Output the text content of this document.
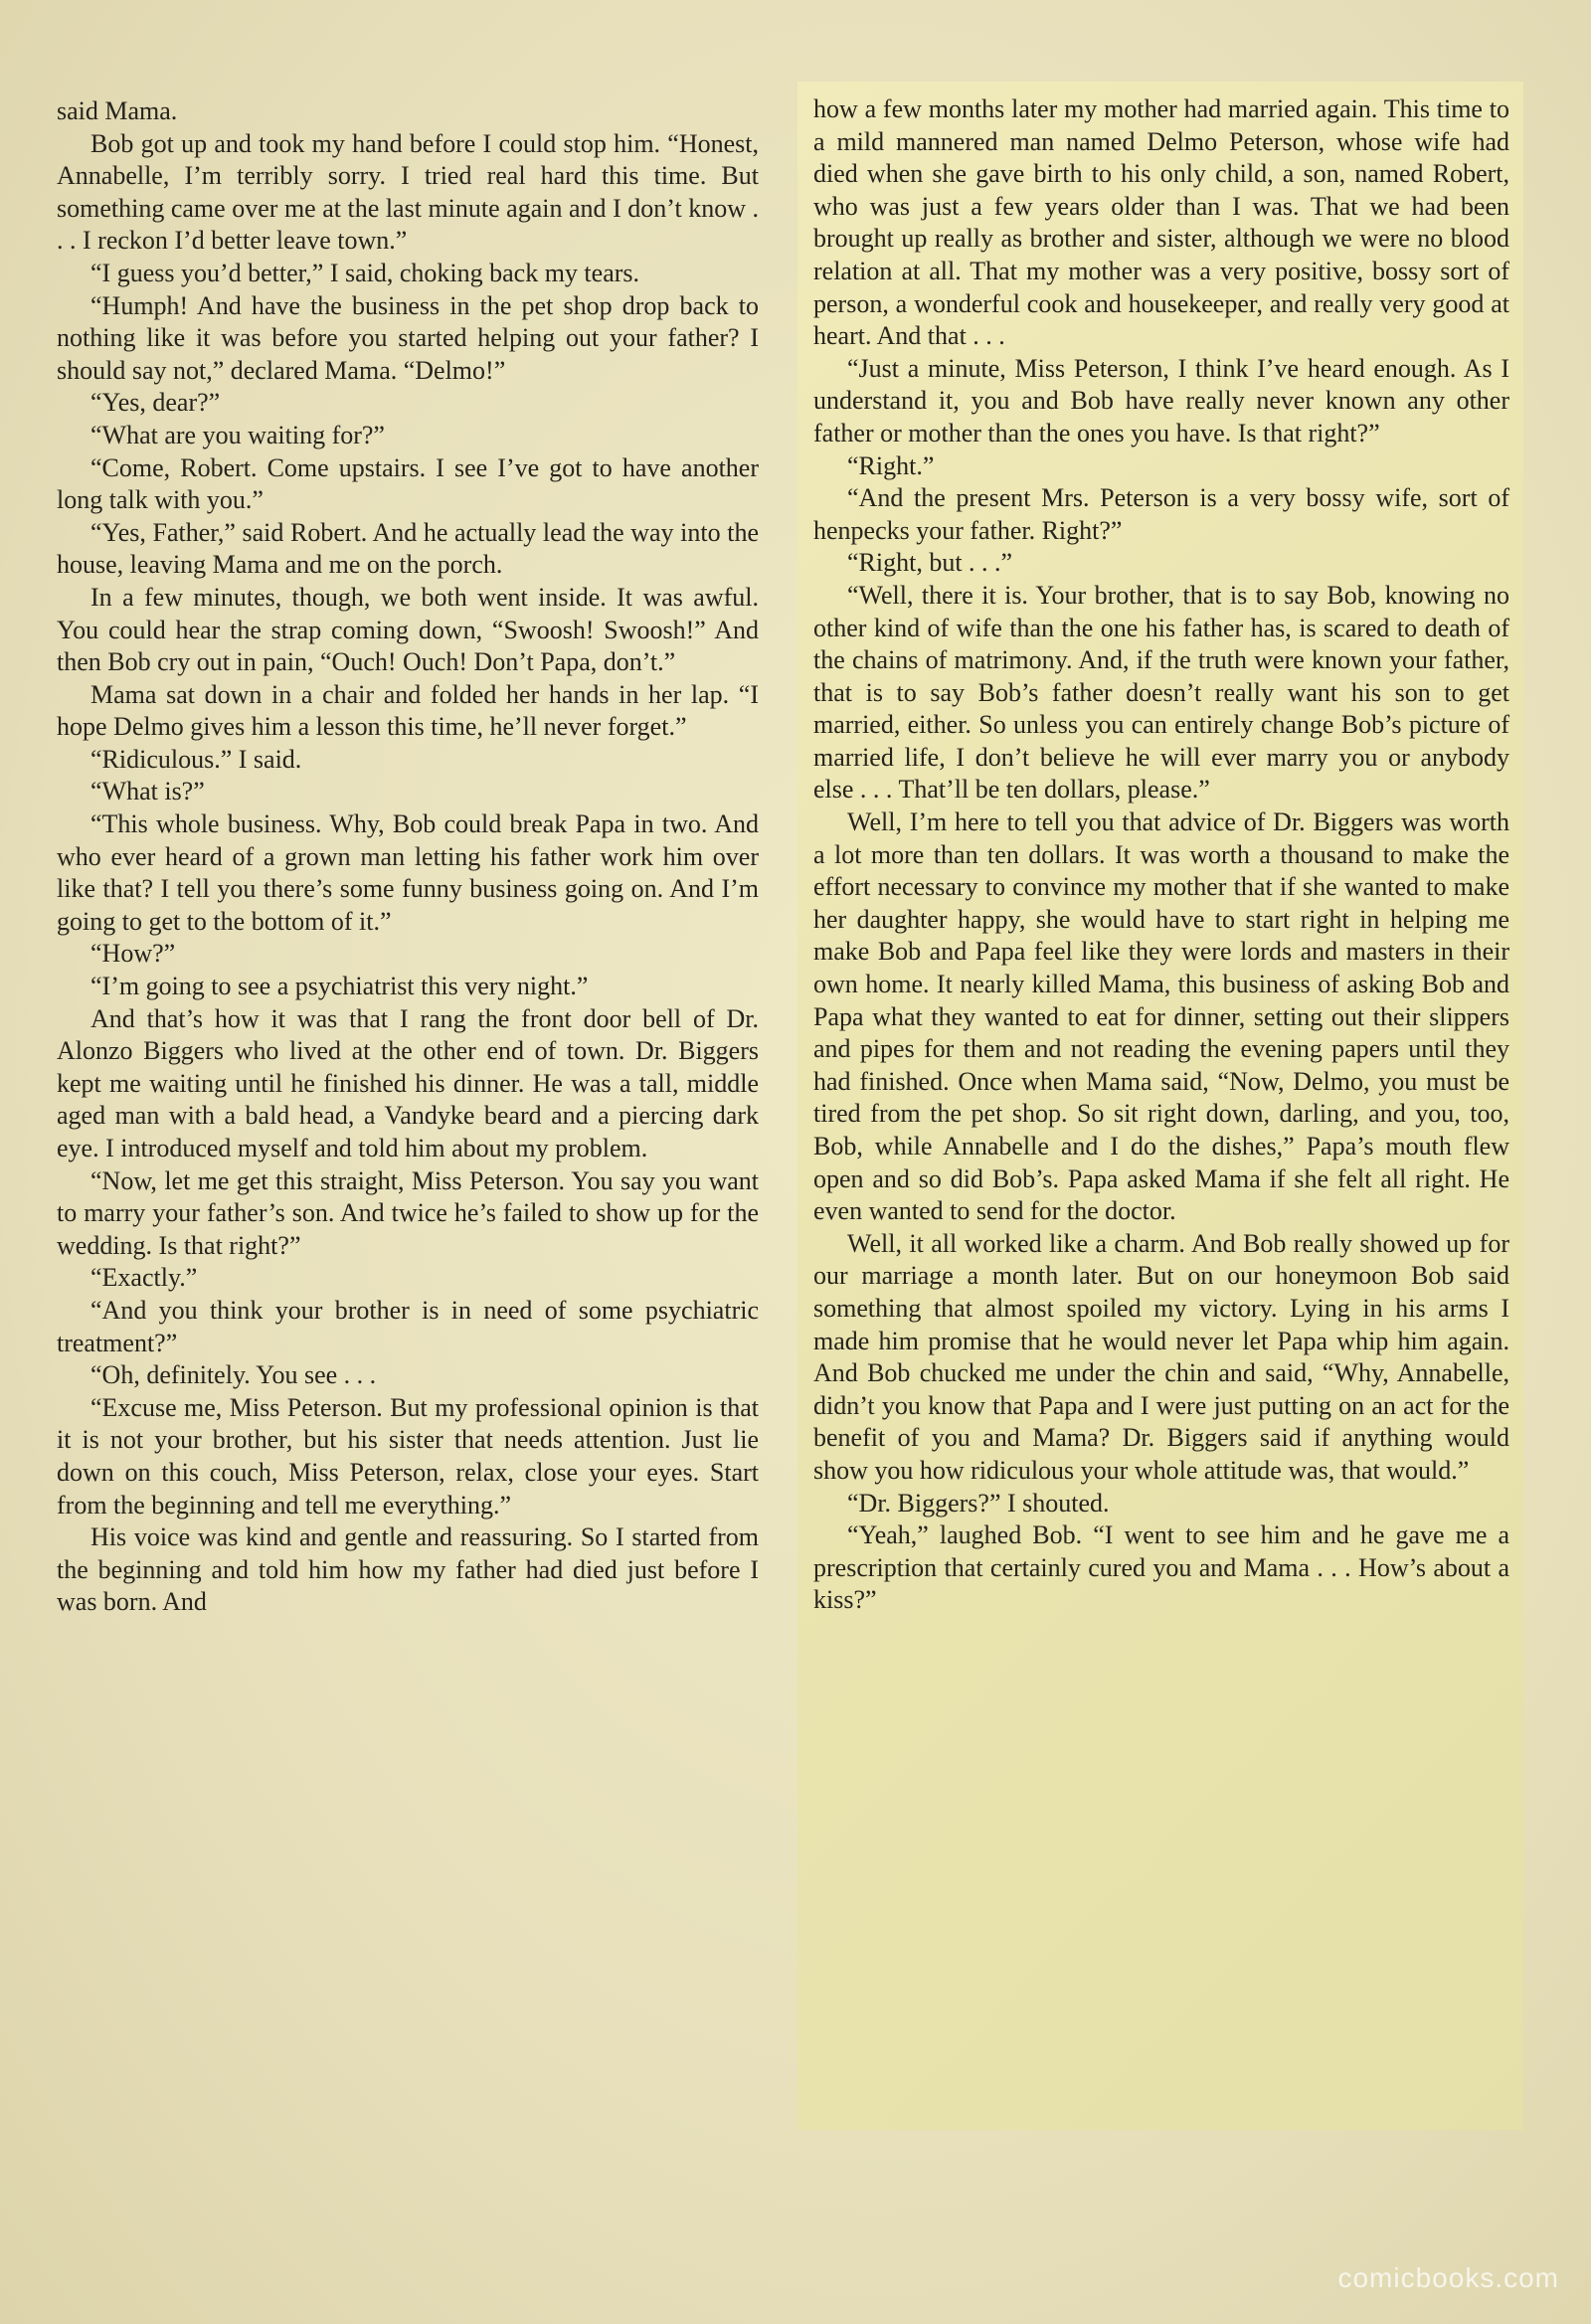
said Mama.

Bob got up and took my hand before I could stop him. “Honest, Annabelle, I’m terribly sorry. I tried real hard this time. But something came over me at the last minute again and I don’t know . . . I reckon I’d better leave town.”

“I guess you’d better,” I said, choking back my tears.

“Humph! And have the business in the pet shop drop back to nothing like it was before you started helping out your father? I should say not,” declared Mama. “Delmo!”

“Yes, dear?”

“What are you waiting for?”

“Come, Robert. Come upstairs. I see I’ve got to have another long talk with you.”

“Yes, Father,” said Robert. And he actually lead the way into the house, leaving Mama and me on the porch.

In a few minutes, though, we both went inside. It was awful. You could hear the strap coming down, “Swoosh! Swoosh!” And then Bob cry out in pain, “Ouch! Ouch! Don’t Papa, don’t.”

Mama sat down in a chair and folded her hands in her lap. “I hope Delmo gives him a lesson this time, he’ll never forget.”

“Ridiculous.” I said.

“What is?”

“This whole business. Why, Bob could break Papa in two. And who ever heard of a grown man letting his father work him over like that? I tell you there’s some funny business going on. And I’m going to get to the bottom of it.”

“How?”

“I’m going to see a psychiatrist this very night.”

And that’s how it was that I rang the front door bell of Dr. Alonzo Biggers who lived at the other end of town. Dr. Biggers kept me waiting until he finished his dinner. He was a tall, middle aged man with a bald head, a Vandyke beard and a piercing dark eye. I introduced myself and told him about my problem.

“Now, let me get this straight, Miss Peterson. You say you want to marry your father’s son. And twice he’s failed to show up for the wedding. Is that right?”

“Exactly.”

“And you think your brother is in need of some psychiatric treatment?”

“Oh, definitely. You see . . .

“Excuse me, Miss Peterson. But my professional opinion is that it is not your brother, but his sister that needs attention. Just lie down on this couch, Miss Peterson, relax, close your eyes. Start from the beginning and tell me everything.”

His voice was kind and gentle and reassuring. So I started from the beginning and told him how my father had died just before I was born. And

how a few months later my mother had married again. This time to a mild mannered man named Delmo Peterson, whose wife had died when she gave birth to his only child, a son, named Robert, who was just a few years older than I was. That we had been brought up really as brother and sister, although we were no blood relation at all. That my mother was a very positive, bossy sort of person, a wonderful cook and housekeeper, and really very good at heart. And that . . .

“Just a minute, Miss Peterson, I think I’ve heard enough. As I understand it, you and Bob have really never known any other father or mother than the ones you have. Is that right?”

“Right.”

“And the present Mrs. Peterson is a very bossy wife, sort of henpecks your father. Right?”

“Right, but . . .”

“Well, there it is. Your brother, that is to say Bob, knowing no other kind of wife than the one his father has, is scared to death of the chains of matrimony. And, if the truth were known your father, that is to say Bob’s father doesn’t really want his son to get married, either. So unless you can entirely change Bob’s picture of married life, I don’t believe he will ever marry you or anybody else . . . That’ll be ten dollars, please.”

Well, I’m here to tell you that advice of Dr. Biggers was worth a lot more than ten dollars. It was worth a thousand to make the effort necessary to convince my mother that if she wanted to make her daughter happy, she would have to start right in helping me make Bob and Papa feel like they were lords and masters in their own home. It nearly killed Mama, this business of asking Bob and Papa what they wanted to eat for dinner, setting out their slippers and pipes for them and not reading the evening papers until they had finished. Once when Mama said, “Now, Delmo, you must be tired from the pet shop. So sit right down, darling, and you, too, Bob, while Annabelle and I do the dishes,” Papa’s mouth flew open and so did Bob’s. Papa asked Mama if she felt all right. He even wanted to send for the doctor.

Well, it all worked like a charm. And Bob really showed up for our marriage a month later. But on our honeymoon Bob said something that almost spoiled my victory. Lying in his arms I made him promise that he would never let Papa whip him again. And Bob chucked me under the chin and said, “Why, Annabelle, didn’t you know that Papa and I were just putting on an act for the benefit of you and Mama? Dr. Biggers said if anything would show you how ridiculous your whole attitude was, that would.”

“Dr. Biggers?” I shouted.

“Yeah,” laughed Bob. “I went to see him and he gave me a prescription that certainly cured you and Mama . . . How’s about a kiss?”

comicbooks.com
